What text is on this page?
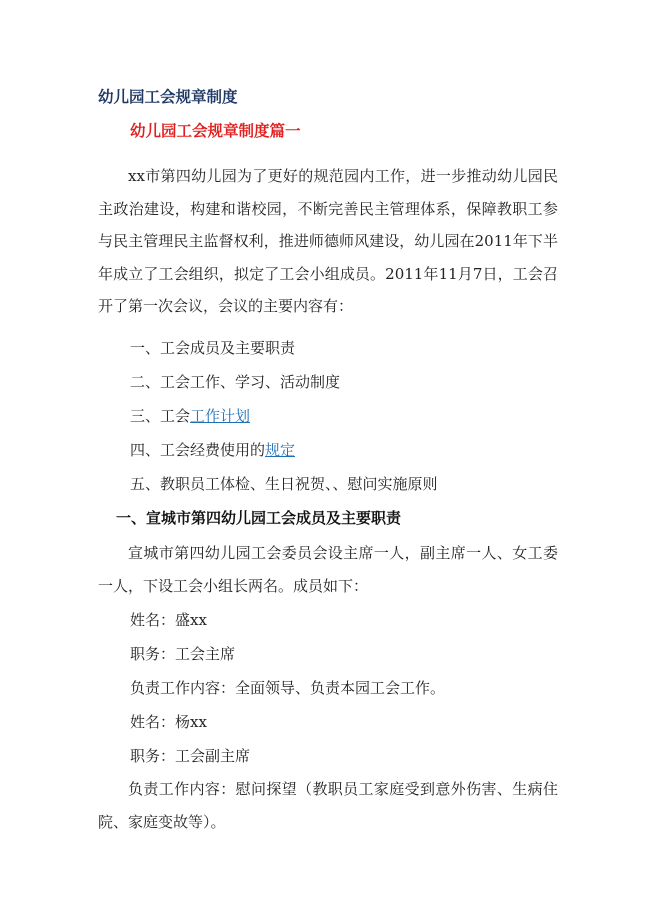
幼儿园工会规章制度
幼儿园工会规章制度篇一

xx市第四幼儿园为了更好的规范园内工作，进一步推动幼儿园民主政治建设，构建和谐校园，不断完善民主管理体系，保障教职工参与民主管理民主监督权利，推进师德师风建设，幼儿园在2011年下半年成立了工会组织，拟定了工会小组成员。2011年11月7日，工会召开了第一次会议，会议的主要内容有：

一、工会成员及主要职责
二、工会工作、学习、活动制度
三、工会工作计划
四、工会经费使用的规定
五、教职员工体检、生日祝贺、、慰问实施原则
一、宣城市第四幼儿园工会成员及主要职责

宣城市第四幼儿园工会委员会设主席一人，副主席一人、女工委一人，下设工会小组长两名。成员如下：

姓名：盛xx
职务：工会主席
负责工作内容：全面领导、负责本园工会工作。
姓名：杨xx
职务：工会副主席

负责工作内容：慰问探望（教职员工家庭受到意外伤害、生病住院、家庭变故等）。
